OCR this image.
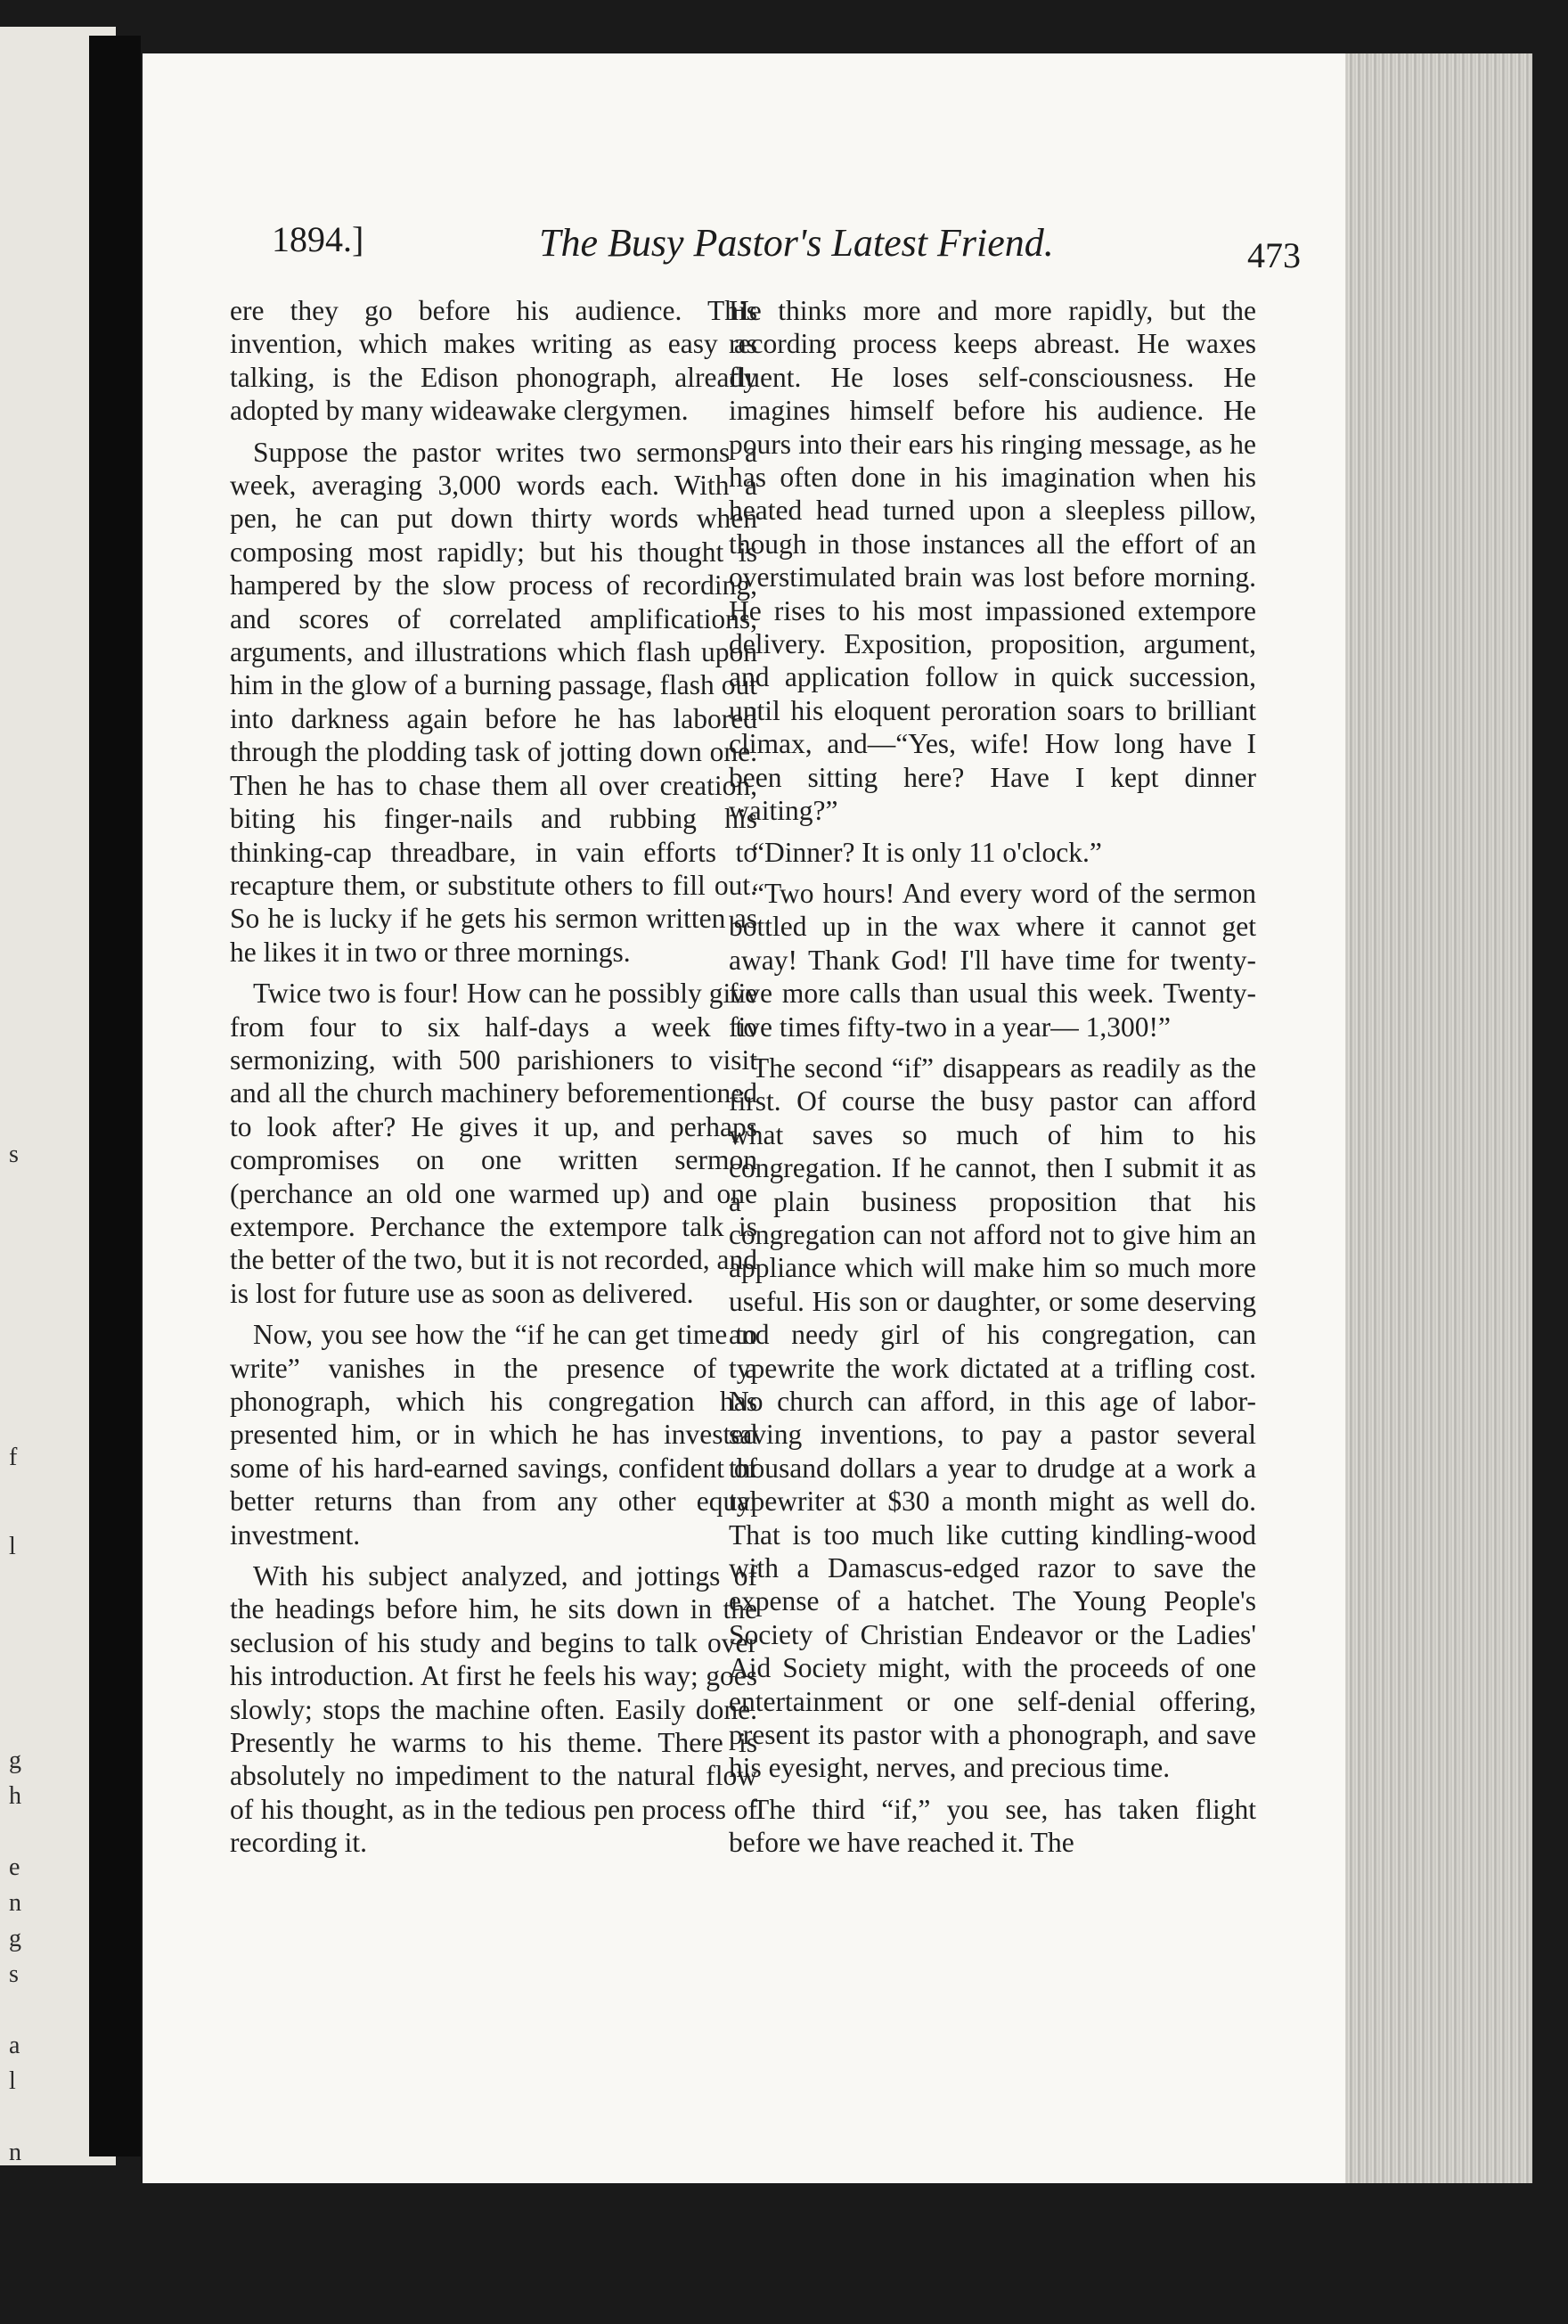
s
f
l
g
h
e
n
g
s
a
l
n
1894.]	The Busy Pastor's Latest Friend.	473

ere they go before his audience. This invention, which makes writing as easy as talking, is the Edison phonograph, already adopted by many wideawake clergymen.

Suppose the pastor writes two sermons a week, averaging 3,000 words each. With a pen, he can put down thirty words when composing most rapidly; but his thought is hampered by the slow process of recording, and scores of correlated amplifications, arguments, and illustrations which flash upon him in the glow of a burning passage, flash out into darkness again before he has labored through the plodding task of jotting down one. Then he has to chase them all over creation, biting his finger-nails and rubbing his thinking-cap threadbare, in vain efforts to recapture them, or substitute others to fill out. So he is lucky if he gets his sermon written as he likes it in two or three mornings.

Twice two is four! How can he possibly give from four to six half-days a week to sermonizing, with 500 parishioners to visit and all the church machinery beforementioned to look after? He gives it up, and perhaps compromises on one written sermon (perchance an old one warmed up) and one extempore. Perchance the extempore talk is the better of the two, but it is not recorded, and is lost for future use as soon as delivered.

Now, you see how the “if he can get time to write” vanishes in the presence of a phonograph, which his congregation has presented him, or in which he has invested some of his hard-earned savings, confident of better returns than from any other equal investment.

With his subject analyzed, and jottings of the headings before him, he sits down in the seclusion of his study and begins to talk over his introduction. At first he feels his way; goes slowly; stops the machine often. Easily done. Presently he warms to his theme. There is absolutely no impediment to the natural flow of his thought, as in the tedious pen process of recording it.

He thinks more and more rapidly, but the recording process keeps abreast. He waxes fluent. He loses self-consciousness. He imagines himself before his audience. He pours into their ears his ringing message, as he has often done in his imagination when his heated head turned upon a sleepless pillow, though in those instances all the effort of an overstimulated brain was lost before morning. He rises to his most impassioned extempore delivery. Exposition, proposition, argument, and application follow in quick succession, until his eloquent peroration soars to brilliant climax, and—“Yes, wife! How long have I been sitting here? Have I kept dinner waiting?”

“Dinner? It is only 11 o'clock.”

“Two hours! And every word of the sermon bottled up in the wax where it cannot get away! Thank God! I'll have time for twenty-five more calls than usual this week. Twenty-five times fifty-two in a year— 1,300!”

The second “if” disappears as readily as the first. Of course the busy pastor can afford what saves so much of him to his congregation. If he cannot, then I submit it as a plain business proposition that his congregation can not afford not to give him an appliance which will make him so much more useful. His son or daughter, or some deserving and needy girl of his congregation, can typewrite the work dictated at a trifling cost. No church can afford, in this age of labor-saving inventions, to pay a pastor several thousand dollars a year to drudge at a work a typewriter at $30 a month might as well do. That is too much like cutting kindling-wood with a Damascus-edged razor to save the expense of a hatchet. The Young People's Society of Christian Endeavor or the Ladies' Aid Society might, with the proceeds of one entertainment or one self-denial offering, present its pastor with a phonograph, and save his eyesight, nerves, and precious time.

The third “if,” you see, has taken flight before we have reached it. The
